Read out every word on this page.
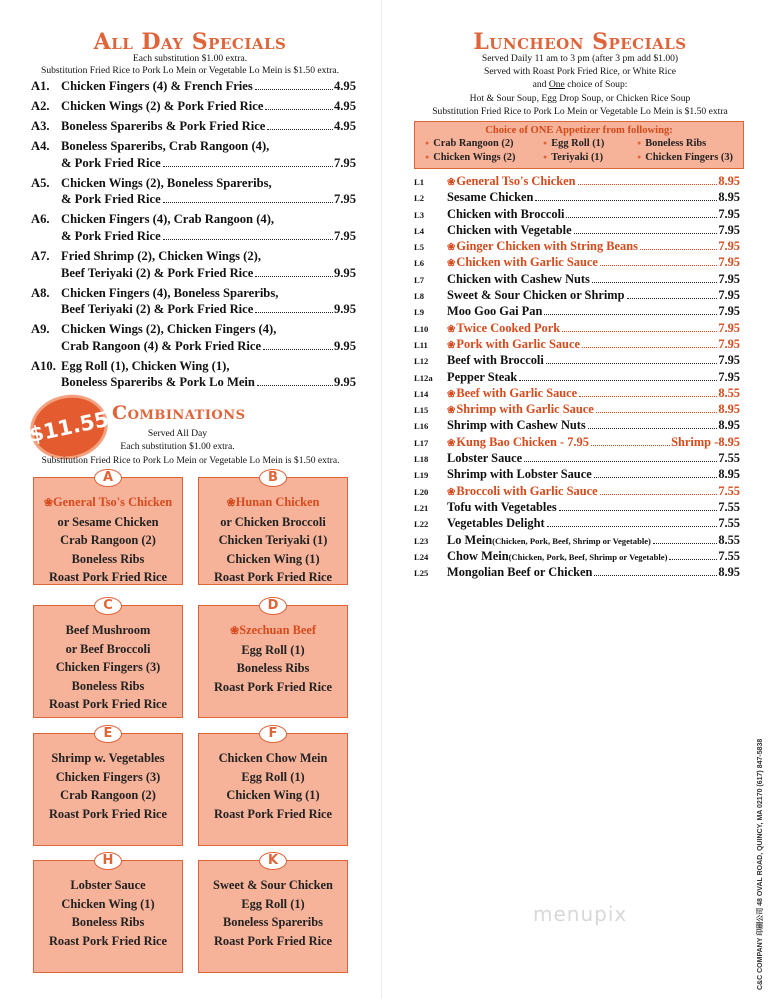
All Day Specials
Each substitution $1.00 extra.
Substitution Fried Rice to Pork Lo Mein or Vegetable Lo Mein is $1.50 extra.
A1. Chicken Fingers (4) & French Fries	4.95
A2. Chicken Wings (2) & Pork Fried Rice	4.95
A3. Boneless Spareribs & Pork Fried Rice	4.95
A4. Boneless Spareribs, Crab Rangoon (4),
& Pork Fried Rice	7.95
A5. Chicken Wings (2), Boneless Spareribs,
& Pork Fried Rice	7.95
A6. Chicken Fingers (4), Crab Rangoon (4),
& Pork Fried Rice	7.95
A7. Fried Shrimp (2), Chicken Wings (2),
Beef Teriyaki (2) & Pork Fried Rice	9.95
A8. Chicken Fingers (4), Boneless Spareribs,
Beef Teriyaki (2) & Pork Fried Rice	9.95
A9. Chicken Wings (2), Chicken Fingers (4),
Crab Rangoon (4) & Pork Fried Rice	9.95
A10. Egg Roll (1), Chicken Wing (1),
Boneless Spareribs & Pork Lo Mein	9.95
$11.55 Combinations
Served All Day
Each substitution $1.00 extra.
Substitution Fried Rice to Pork Lo Mein or Vegetable Lo Mein is $1.50 extra.
A
❀General Tso's Chicken
or Sesame Chicken
Crab Rangoon (2)
Boneless Ribs
Roast Pork Fried Rice
B
❀Hunan Chicken
or Chicken Broccoli
Chicken Teriyaki (1)
Chicken Wing (1)
Roast Pork Fried Rice
C
Beef Mushroom
or Beef Broccoli
Chicken Fingers (3)
Boneless Ribs
Roast Pork Fried Rice
D
❀Szechuan Beef
Egg Roll (1)
Boneless Ribs
Roast Pork Fried Rice
E
Shrimp w. Vegetables
Chicken Fingers (3)
Crab Rangoon (2)
Roast Pork Fried Rice
F
Chicken Chow Mein
Egg Roll (1)
Chicken Wing (1)
Roast Pork Fried Rice
H
Lobster Sauce
Chicken Wing (1)
Boneless Ribs
Roast Pork Fried Rice
K
Sweet & Sour Chicken
Egg Roll (1)
Boneless Spareribs
Roast Pork Fried Rice
Luncheon Specials
Served Daily 11 am to 3 pm (after 3 pm add $1.00)
Served with Roast Pork Fried Rice, or White Rice
and One choice of Soup:
Hot & Sour Soup, Egg Drop Soup, or Chicken Rice Soup
Substitution Fried Rice to Pork Lo Mein or Vegetable Lo Mein is $1.50 extra
Choice of ONE Appetizer from following:
● Crab Rangoon (2)	● Egg Roll (1)	● Boneless Ribs
● Chicken Wings (2)	● Teriyaki (1)	● Chicken Fingers (3)
L1	❀ General Tso's Chicken	8.95
L2	Sesame Chicken	8.95
L3	Chicken with Broccoli	7.95
L4	Chicken with Vegetable	7.95
L5	❀ Ginger Chicken with String Beans	7.95
L6	❀ Chicken with Garlic Sauce	7.95
L7	Chicken with Cashew Nuts	7.95
L8	Sweet & Sour Chicken or Shrimp	7.95
L9	Moo Goo Gai Pan	7.95
L10	❀ Twice Cooked Pork	7.95
L11	❀ Pork with Garlic Sauce	7.95
L12	Beef with Broccoli	7.95
L12a	Pepper Steak	7.95
L14	❀ Beef with Garlic Sauce	8.55
L15	❀ Shrimp with Garlic Sauce	8.95
L16	Shrimp with Cashew Nuts	8.95
L17	❀ Kung Bao Chicken - 7.95	Shrimp - 8.95
L18	Lobster Sauce	7.55
L19	Shrimp with Lobster Sauce	8.95
L20	❀ Broccoli with Garlic Sauce	7.55
L21	Tofu with Vegetables	7.55
L22	Vegetables Delight	7.55
L23	Lo Mein (Chicken, Pork, Beef, Shrimp or Vegetable)	8.55
L24	Chow Mein (Chicken, Pork, Beef, Shrimp or Vegetable)	7.55
L25	Mongolian Beef or Chicken	8.95
menupix	C&C COMPANY 印刷公司 48 OVAL ROAD, QUINCY, MA 02170 (617) 847-5838
